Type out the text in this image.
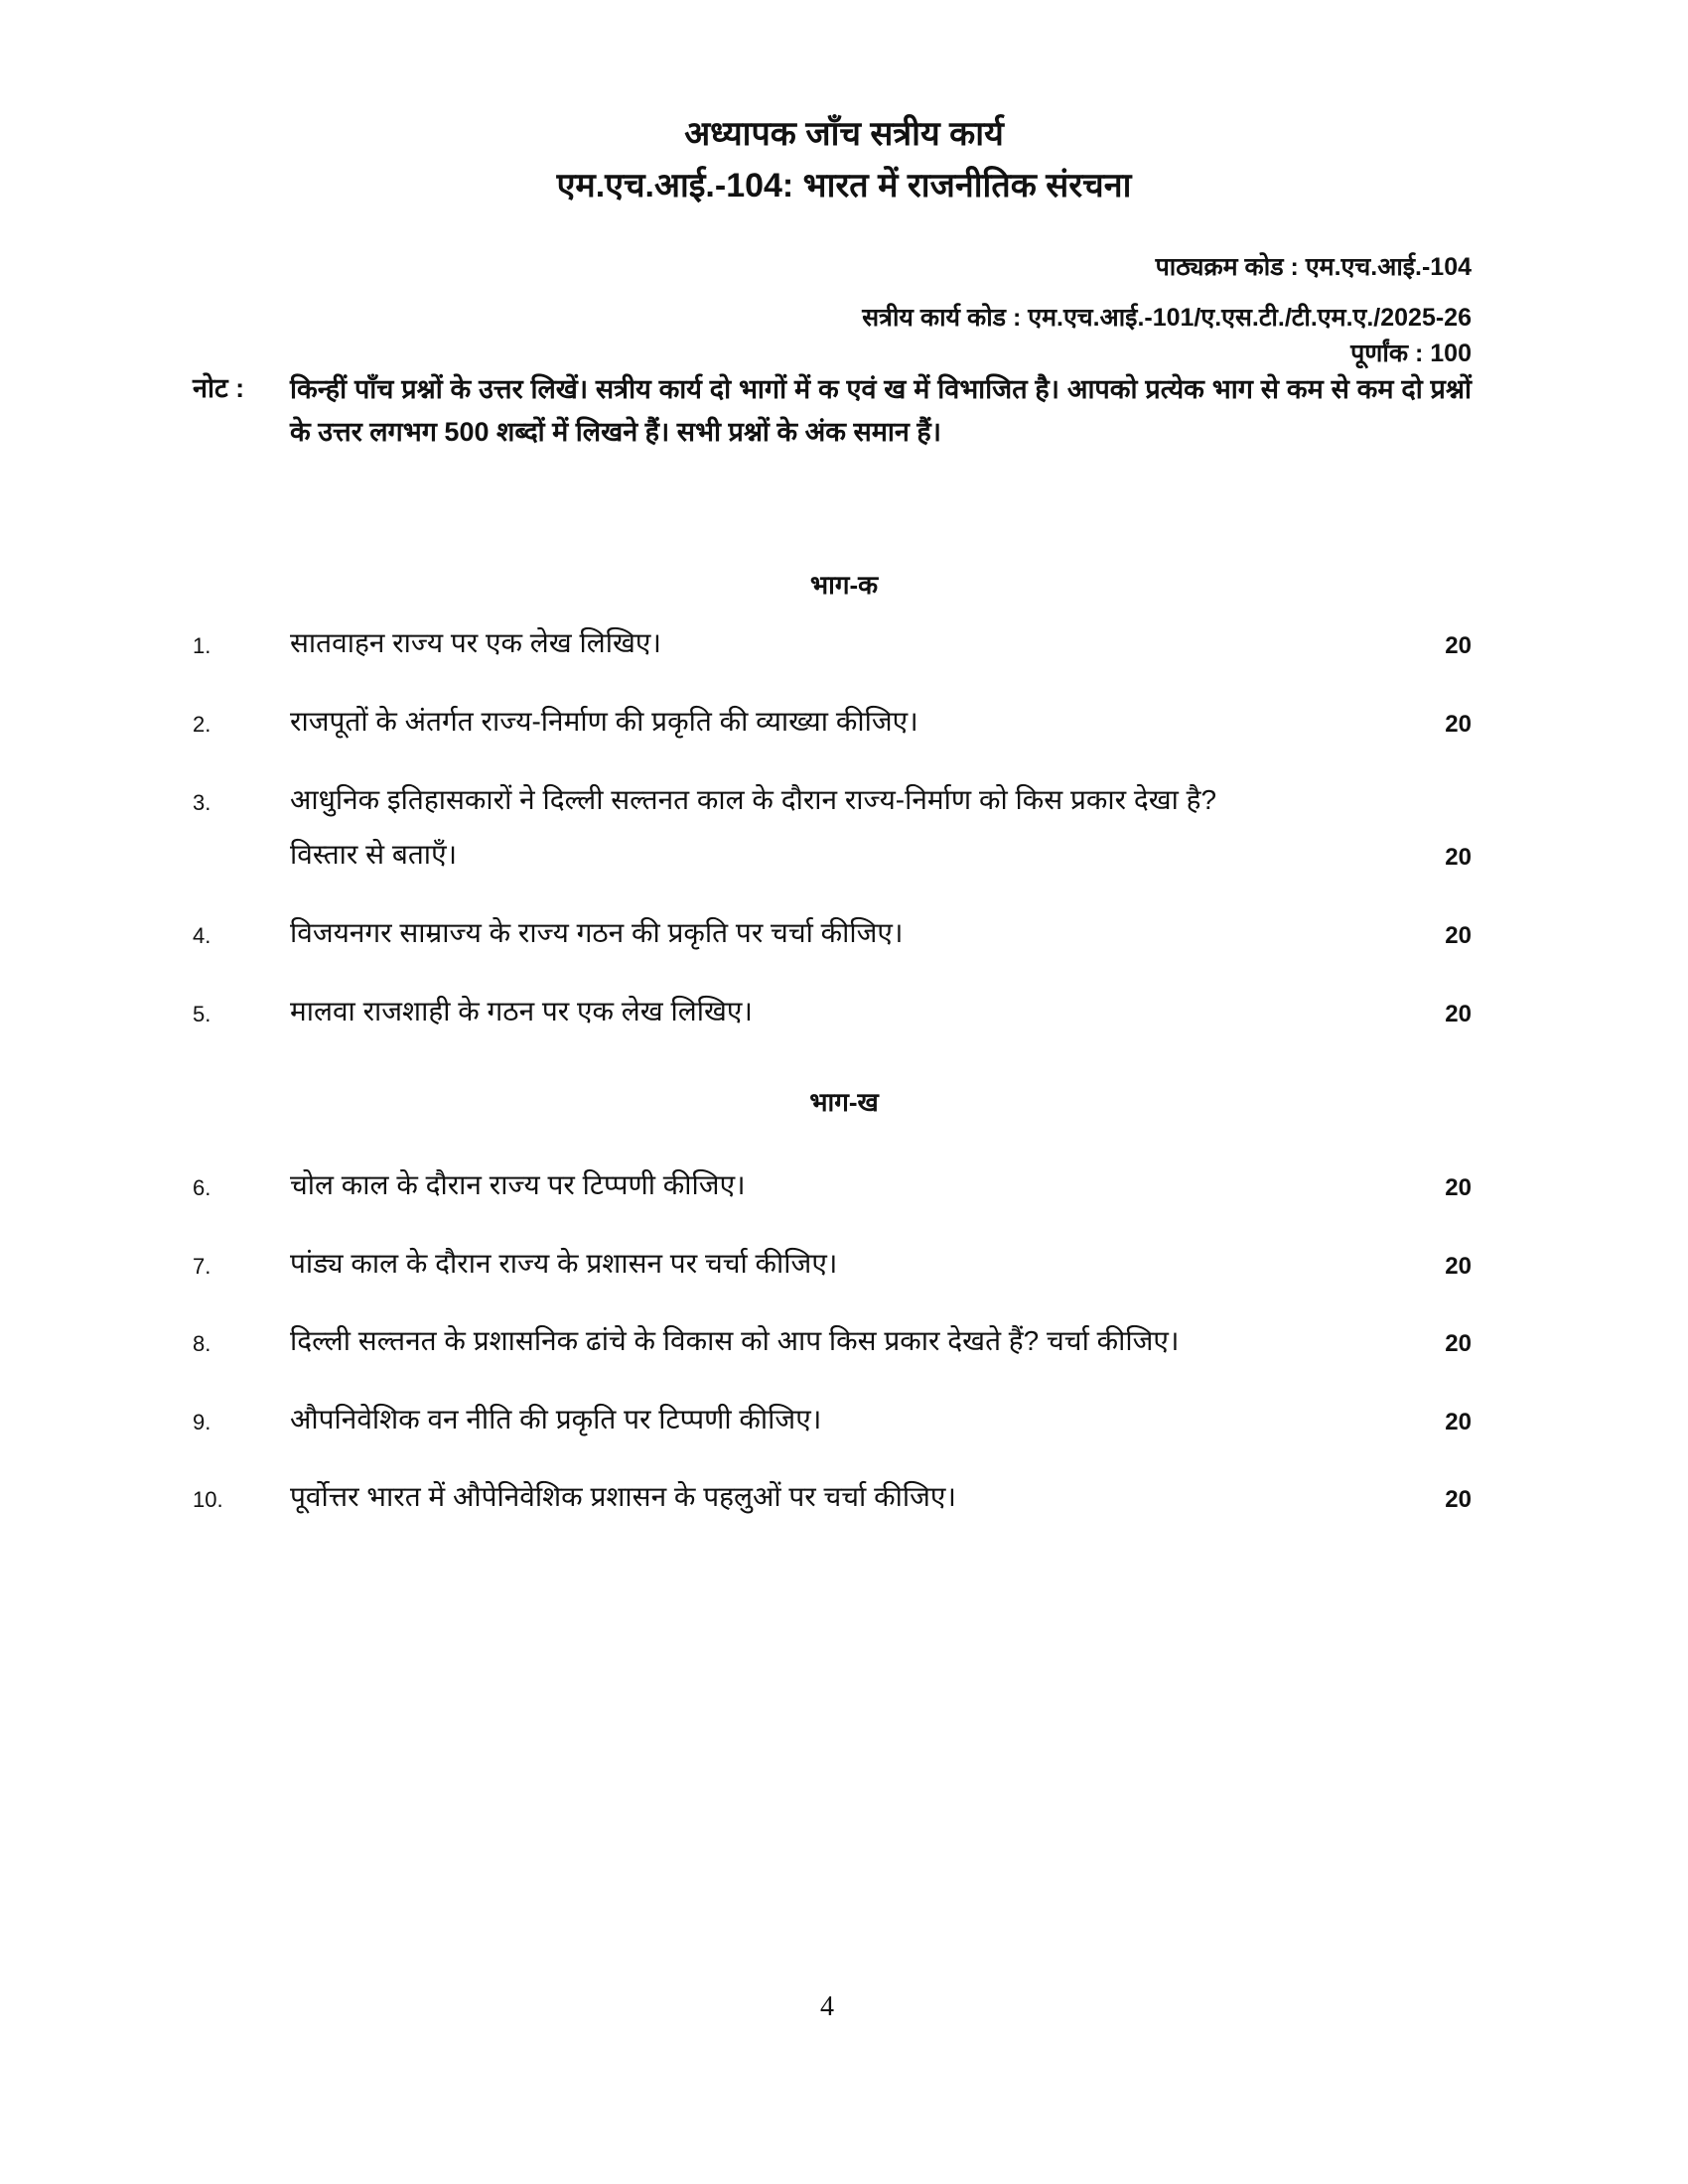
अध्यापक जाँच सत्रीय कार्य
एम.एच.आई.-104: भारत में राजनीतिक संरचना
पाठ्यक्रम कोड : एम.एच.आई.-104
सत्रीय कार्य कोड : एम.एच.आई.-101/ए.एस.टी./टी.एम.ए./2025-26
पूर्णांक : 100
नोट : किन्हीं पाँच प्रश्नों के उत्तर लिखें। सत्रीय कार्य दो भागों में क एवं ख में विभाजित है। आपको प्रत्येक भाग से कम से कम दो प्रश्नों के उत्तर लगभग 500 शब्दों में लिखने हैं। सभी प्रश्नों के अंक समान हैं।
भाग-क
1.	सातवाहन राज्य पर एक लेख लिखिए।	20
2.	राजपूतों के अंतर्गत राज्य-निर्माण की प्रकृति की व्याख्या कीजिए।	20
3.	आधुनिक इतिहासकारों ने दिल्ली सल्तनत काल के दौरान राज्य-निर्माण को किस प्रकार देखा है?
विस्तार से बताएँ।	20
4.	विजयनगर साम्राज्य के राज्य गठन की प्रकृति पर चर्चा कीजिए।	20
5.	मालवा राजशाही के गठन पर एक लेख लिखिए।	20
भाग-ख
6.	चोल काल के दौरान राज्य पर टिप्पणी कीजिए।	20
7.	पांड्य काल के दौरान राज्य के प्रशासन पर चर्चा कीजिए।	20
8.	दिल्ली सल्तनत के प्रशासनिक ढांचे के विकास को आप किस प्रकार देखते हैं? चर्चा कीजिए।	20
9.	औपनिवेशिक वन नीति की प्रकृति पर टिप्पणी कीजिए।	20
10. पूर्वोत्तर भारत में औपेनिवेशिक प्रशासन के पहलुओं पर चर्चा कीजिए।	20
4
